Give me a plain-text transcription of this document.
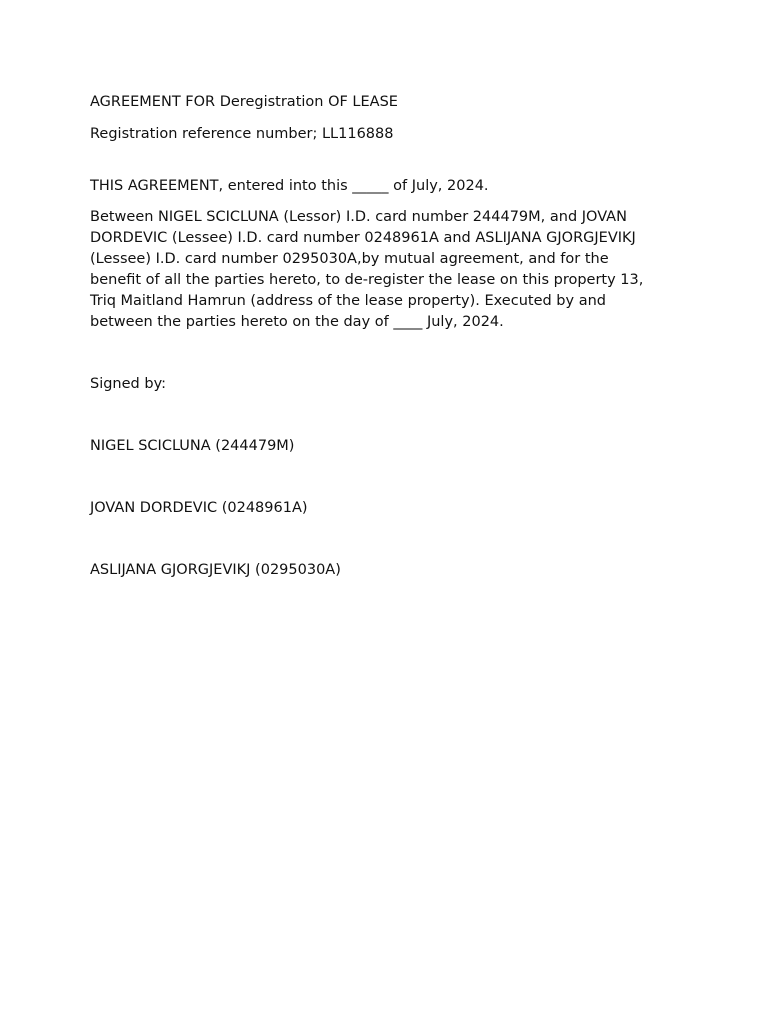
AGREEMENT FOR Deregistration OF LEASE

Registration reference number; LL116888

THIS AGREEMENT, entered into this _____ of July, 2024.

Between NIGEL SCICLUNA (Lessor) I.D. card number 244479M, and JOVAN

DORDEVIC (Lessee) I.D. card number 0248961A and ASLIJANA GJORGJEVIKJ

(Lessee) I.D. card number 0295030A,by mutual agreement, and for the

benefit of all the parties hereto, to de-register the lease on this property 13,

Triq Maitland Hamrun (address of the lease property). Executed by and

between the parties hereto on the day of ____ July, 2024.

Signed by:

NIGEL SCICLUNA (244479M)

JOVAN DORDEVIC (0248961A)

ASLIJANA GJORGJEVIKJ (0295030A)
